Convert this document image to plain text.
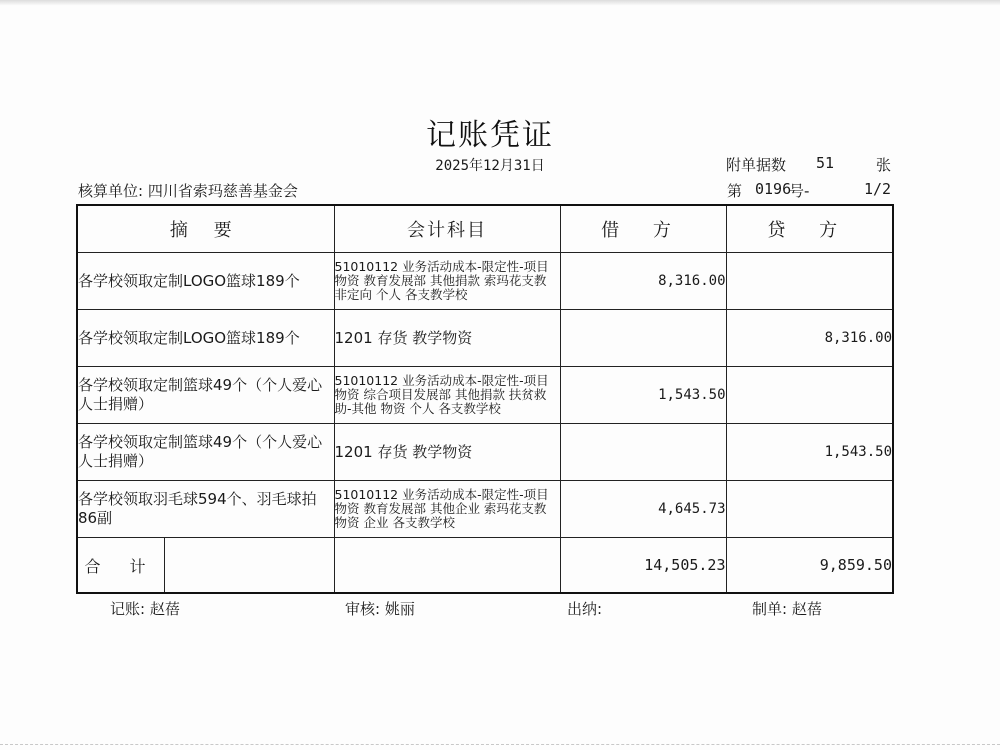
记账凭证
2025年12月31日	附单据数 51	张
核算单位: 四川省索玛慈善基金会	第 0196
号-	1/2
摘 要	会计科目	借 方	贷 方
各学校领取定制LOGO篮球189个	51010112 业务活动成本-限定性-项目物资 教育发展部 其他捐款 索玛花支教 非定向 个人 各支教学校	8,316.00	
各学校领取定制LOGO篮球189个	1201 存货 教学物资		8,316.00
各学校领取定制篮球49个（个人爱心人士捐赠）	51010112 业务活动成本-限定性-项目物资 综合项目发展部 其他捐款 扶贫救助-其他 物资 个人 各支教学校	1,543.50	
各学校领取定制篮球49个（个人爱心人士捐赠）	1201 存货 教学物资		1,543.50
各学校领取羽毛球594个、羽毛球拍86副	51010112 业务活动成本-限定性-项目物资 教育发展部 其他企业 索玛花支教 物资 企业 各支教学校	4,645.73	

合 计		14,505.23	9,859.50
记账: 赵蓓	审核: 姚丽	出纳:	制单: 赵蓓
